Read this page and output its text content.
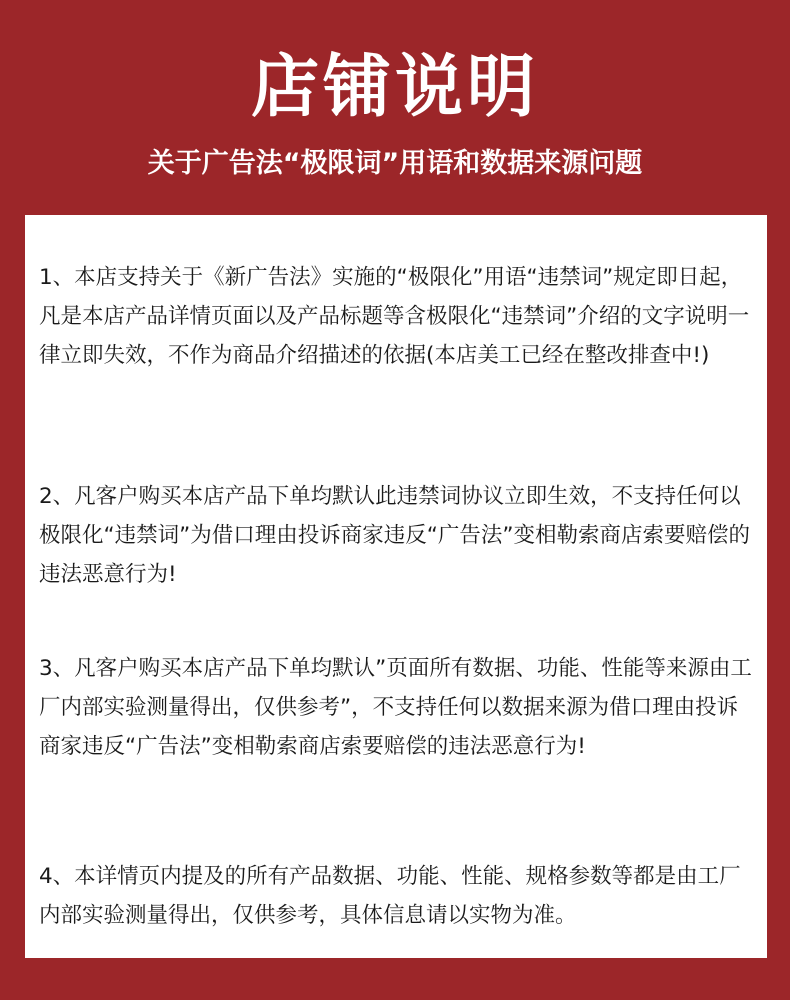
店铺说明
关于广告法“极限词”用语和数据来源问题

1、本店支持关于《新广告法》实施的“极限化”用语“违禁词”规定即日起，凡是本店产品详情页面以及产品标题等含极限化“违禁词”介绍的文字说明一律立即失效，不作为商品介绍描述的依据(本店美工已经在整改排查中!)

2、凡客户购买本店产品下单均默认此违禁词协议立即生效，不支持任何以极限化“违禁词”为借口理由投诉商家违反“广告法”变相勒索商店索要赔偿的违法恶意行为!

3、凡客户购买本店产品下单均默认”页面所有数据、功能、性能等来源由工厂内部实验测量得出，仅供参考”，不支持任何以数据来源为借口理由投诉商家违反“广告法”变相勒索商店索要赔偿的违法恶意行为!

4、本详情页内提及的所有产品数据、功能、性能、规格参数等都是由工厂内部实验测量得出，仅供参考，具体信息请以实物为准。
